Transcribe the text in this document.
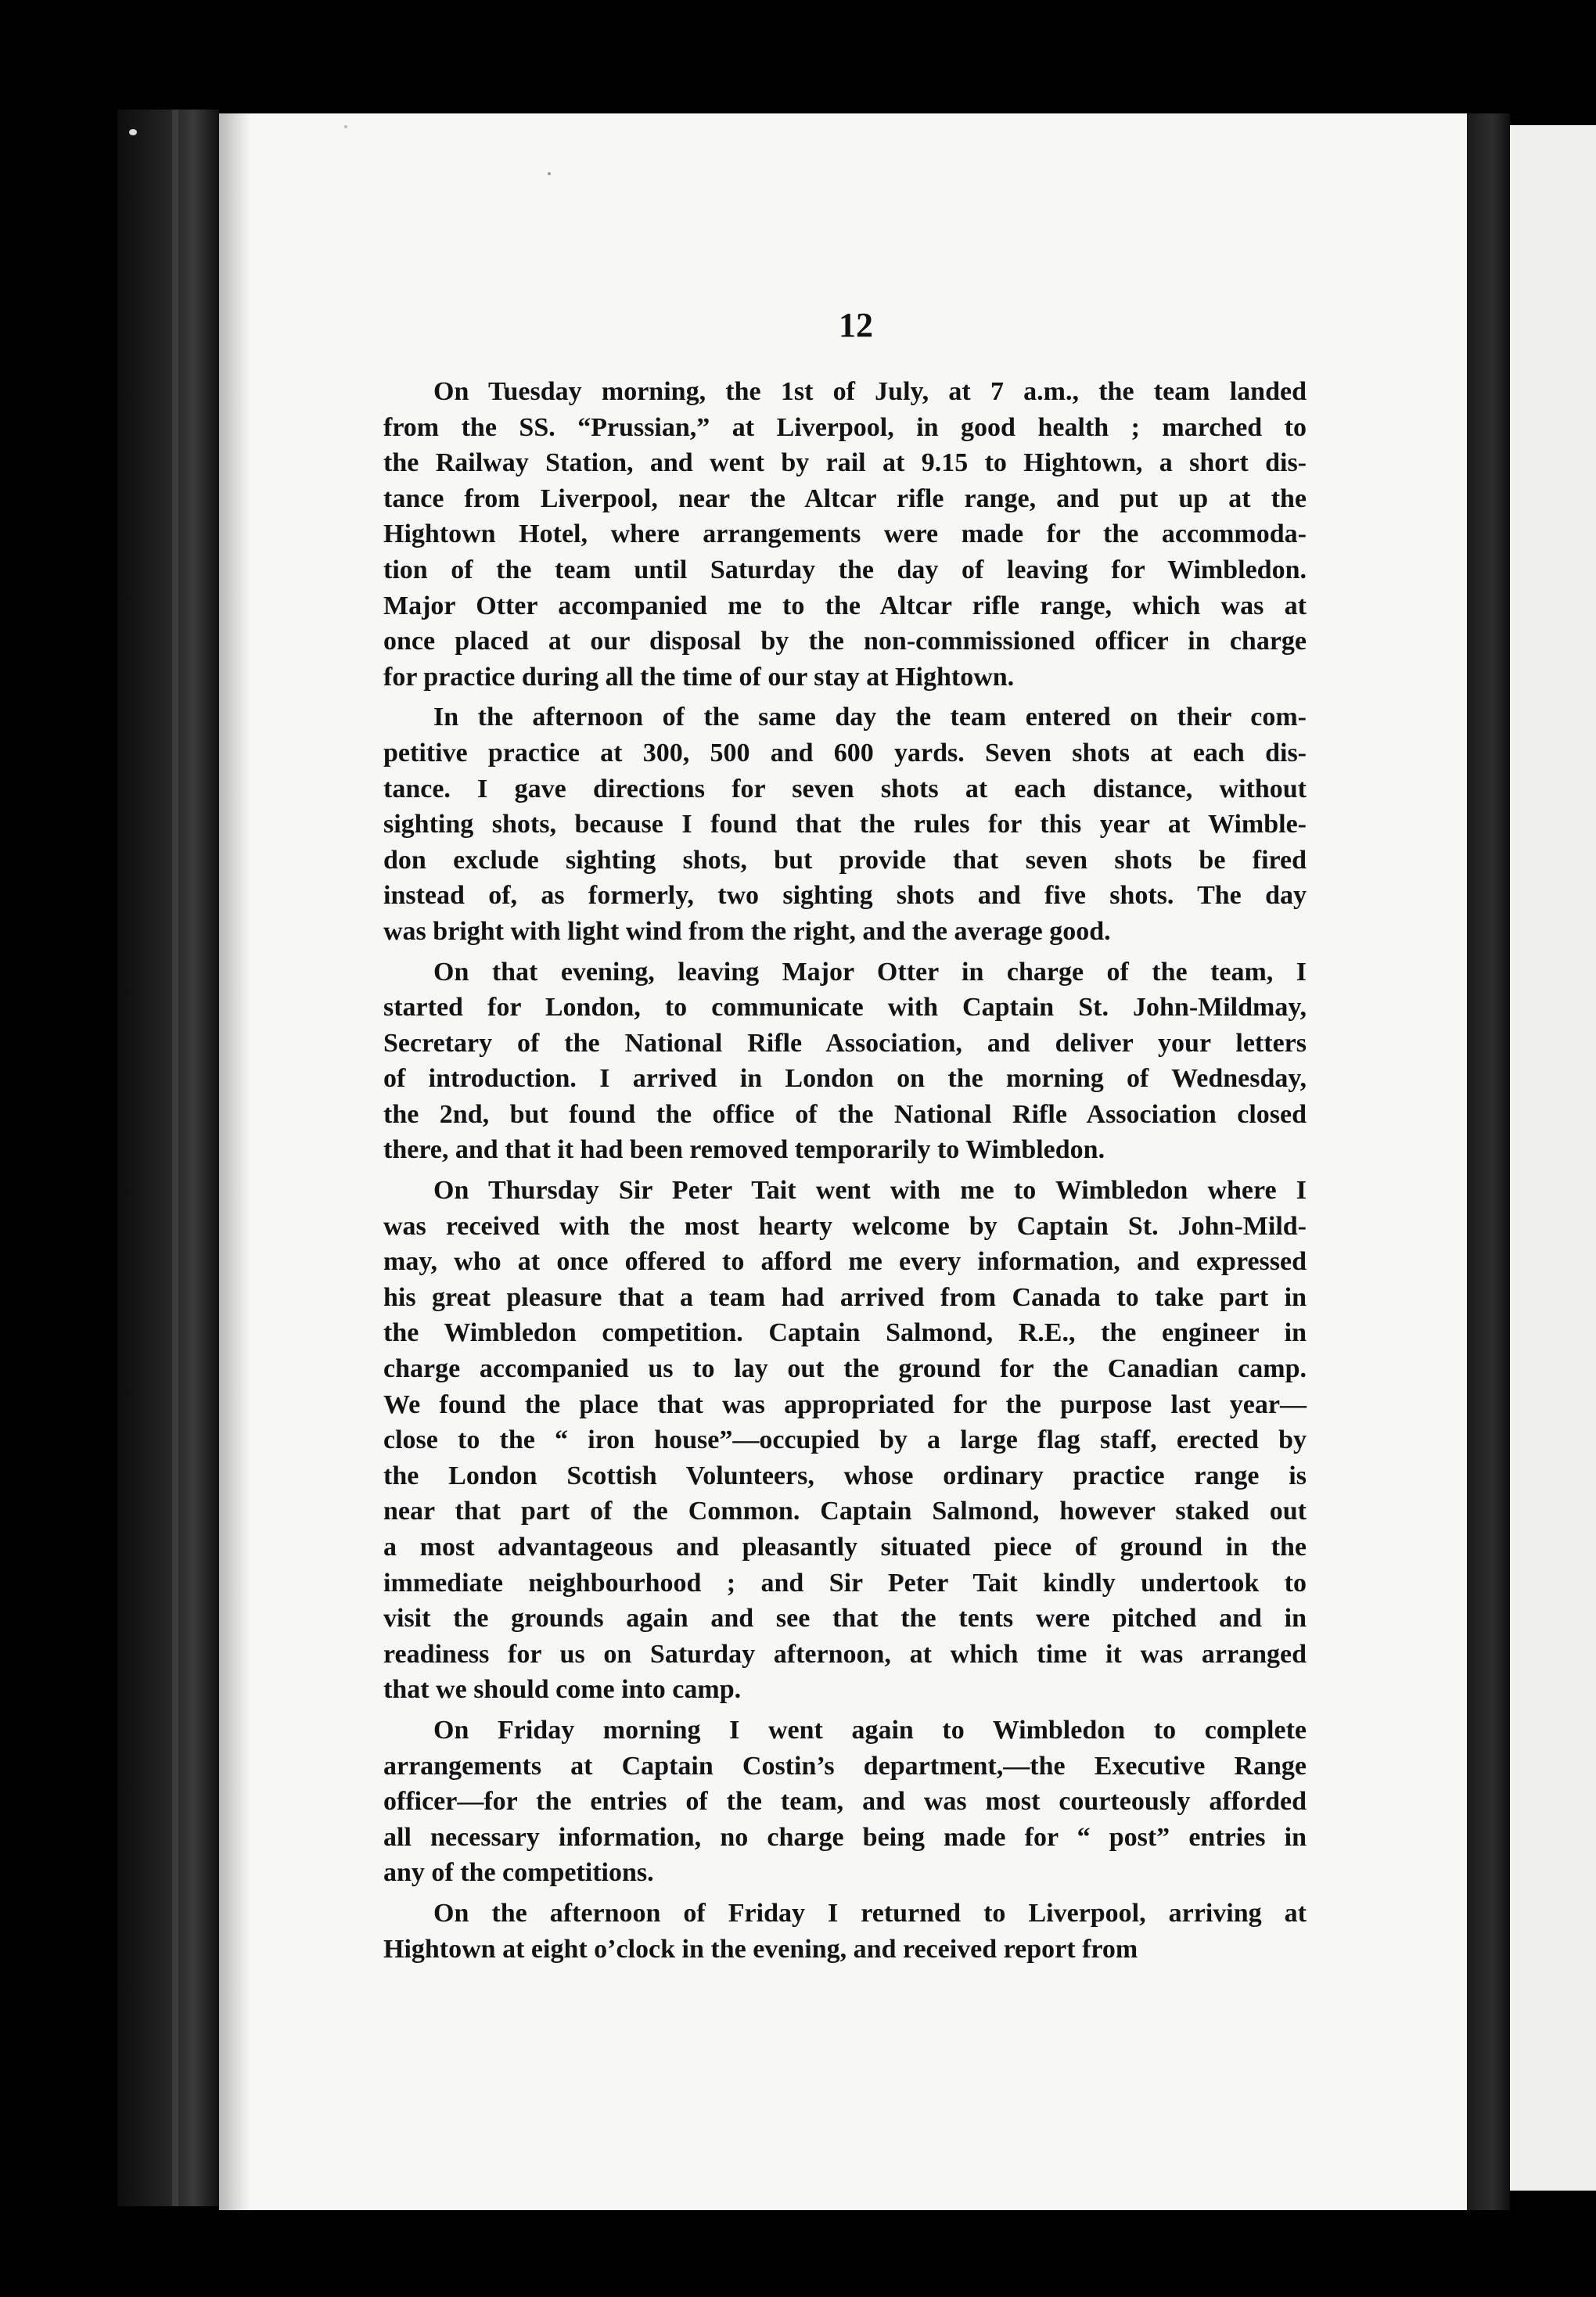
12
On Tuesday morning, the 1st of July, at 7 a.m., the team landed
from the SS. “Prussian,” at Liverpool, in good health ; marched to
the Railway Station, and went by rail at 9.15 to Hightown, a short dis-
tance from Liverpool, near the Altcar rifle range, and put up at the
Hightown Hotel, where arrangements were made for the accommoda-
tion of the team until Saturday the day of leaving for Wimbledon.
Major Otter accompanied me to the Altcar rifle range, which was at
once placed at our disposal by the non-commissioned officer in charge
for practice during all the time of our stay at Hightown.
In the afternoon of the same day the team entered on their com-
petitive practice at 300, 500 and 600 yards. Seven shots at each dis-
tance. I gave directions for seven shots at each distance, without
sighting shots, because I found that the rules for this year at Wimble-
don exclude sighting shots, but provide that seven shots be fired
instead of, as formerly, two sighting shots and five shots. The day
was bright with light wind from the right, and the average good.
On that evening, leaving Major Otter in charge of the team, I
started for London, to communicate with Captain St. John-Mildmay,
Secretary of the National Rifle Association, and deliver your letters
of introduction. I arrived in London on the morning of Wednesday,
the 2nd, but found the office of the National Rifle Association closed
there, and that it had been removed temporarily to Wimbledon.
On Thursday Sir Peter Tait went with me to Wimbledon where I
was received with the most hearty welcome by Captain St. John-Mild-
may, who at once offered to afford me every information, and expressed
his great pleasure that a team had arrived from Canada to take part in
the Wimbledon competition. Captain Salmond, R.E., the engineer in
charge accompanied us to lay out the ground for the Canadian camp.
We found the place that was appropriated for the purpose last year—
close to the “ iron house”—occupied by a large flag staff, erected by
the London Scottish Volunteers, whose ordinary practice range is
near that part of the Common. Captain Salmond, however staked out
a most advantageous and pleasantly situated piece of ground in the
immediate neighbourhood ; and Sir Peter Tait kindly undertook to
visit the grounds again and see that the tents were pitched and in
readiness for us on Saturday afternoon, at which time it was arranged
that we should come into camp.
On Friday morning I went again to Wimbledon to complete
arrangements at Captain Costin’s department,—the Executive Range
officer—for the entries of the team, and was most courteously afforded
all necessary information, no charge being made for “ post” entries in
any of the competitions.
On the afternoon of Friday I returned to Liverpool, arriving at
Hightown at eight o’clock in the evening, and received report from
